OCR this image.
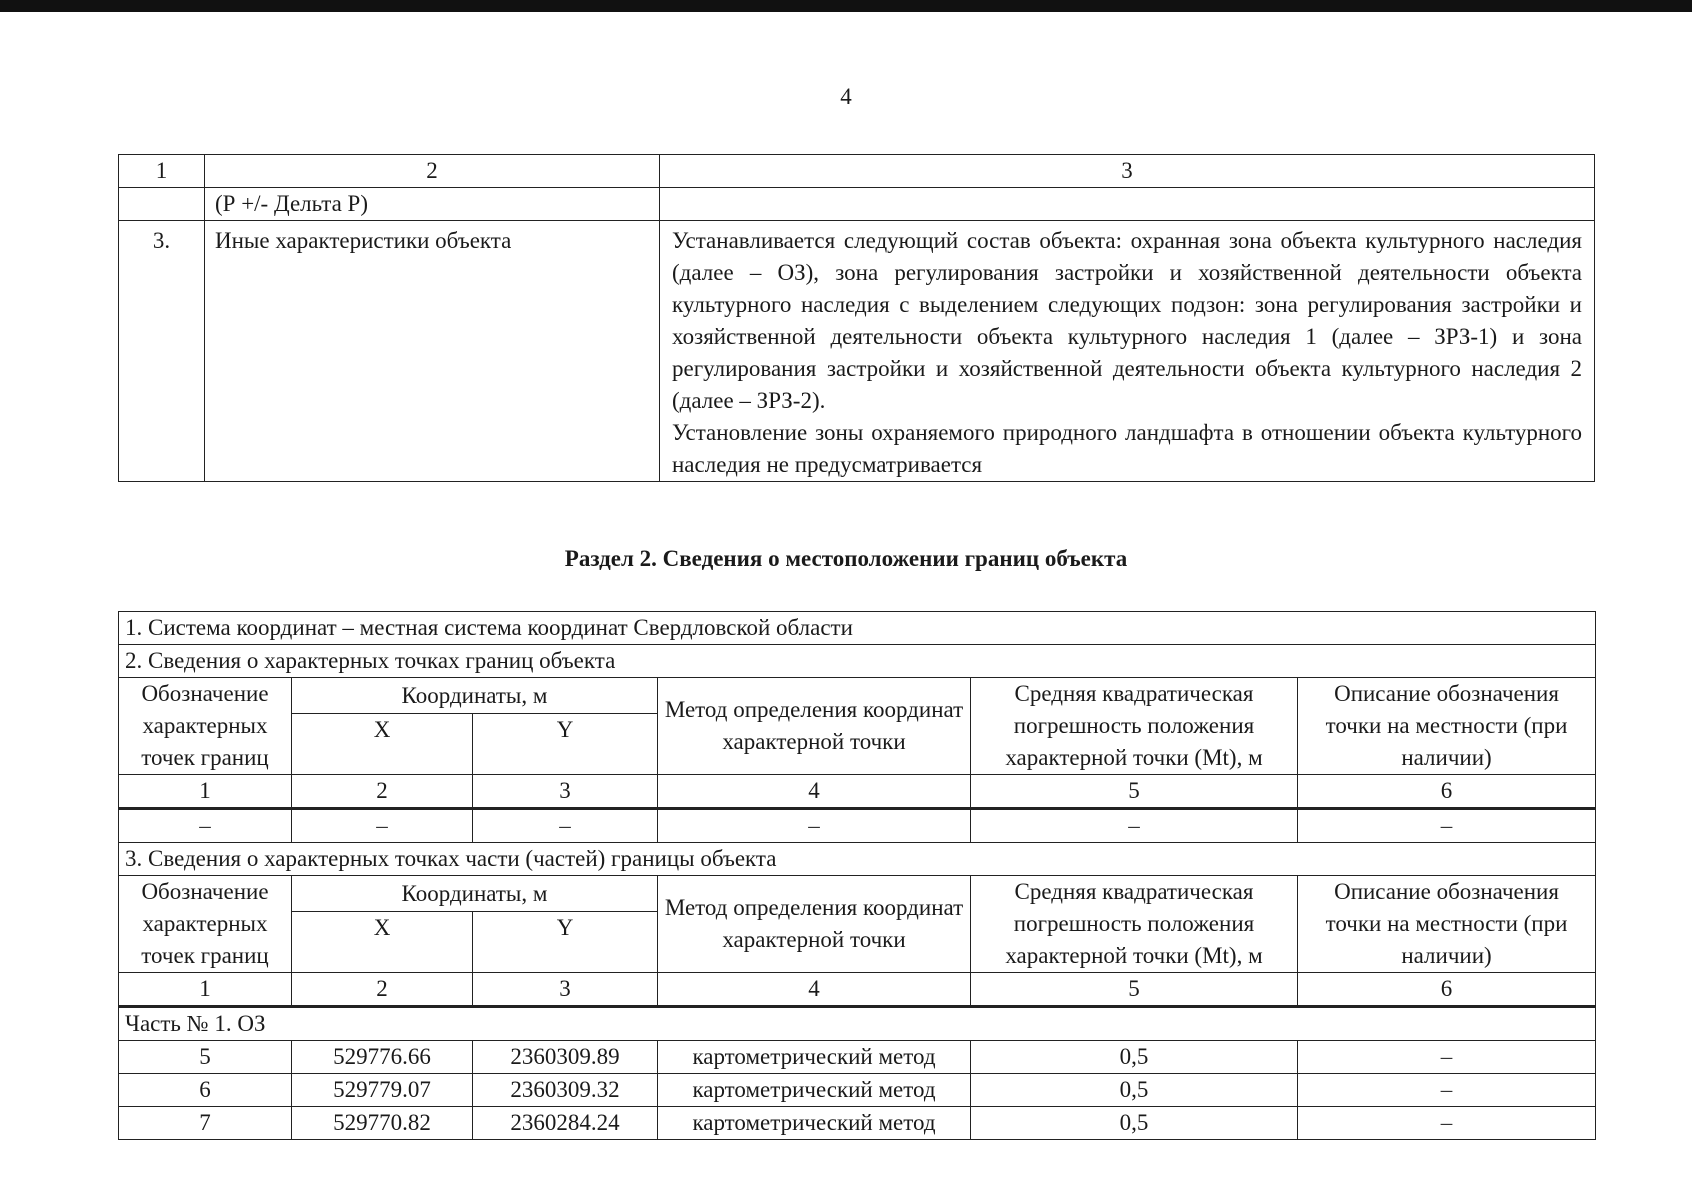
4
1	2	3
	(Р +/- Дельта Р)	
3.	Иные характеристики объекта	Устанавливается следующий состав объекта: охранная зона объекта культурного наследия (далее – ОЗ), зона регулирования застройки и хозяйственной деятельности объекта культурного наследия с выделением следующих подзон: зона регулирования застройки и хозяйственной деятельности объекта культурного наследия 1 (далее – ЗРЗ-1) и зона регулирования застройки и хозяйственной деятельности объекта культурного наследия 2 (далее – ЗРЗ-2).
Установление зоны охраняемого природного ландшафта в отношении объекта культурного наследия не предусматривается
Раздел 2. Сведения о местоположении границ объекта
1. Система координат – местная система координат Свердловской области					
2. Сведения о характерных точках границ объекта					
Обозначение характерных точек границ	Координаты, м		Метод определения координат характерной точки	Средняя квадратическая погрешность положения характерной точки (Mt), м	Описание обозначения точки на местности (при наличии)
	X	Y			
1	2	3	4	5	6
–	–	–	–	–	–
3. Сведения о характерных точках части (частей) границы объекта					
Обозначение характерных точек границ	Координаты, м		Метод определения координат характерной точки	Средняя квадратическая погрешность положения характерной точки (Mt), м	Описание обозначения точки на местности (при наличии)
	X	Y			
1	2	3	4	5	6
Часть № 1. ОЗ					
5	529776.66	2360309.89	картометрический метод	0,5	–
6	529779.07	2360309.32	картометрический метод	0,5	–
7	529770.82	2360284.24	картометрический метод	0,5	–
